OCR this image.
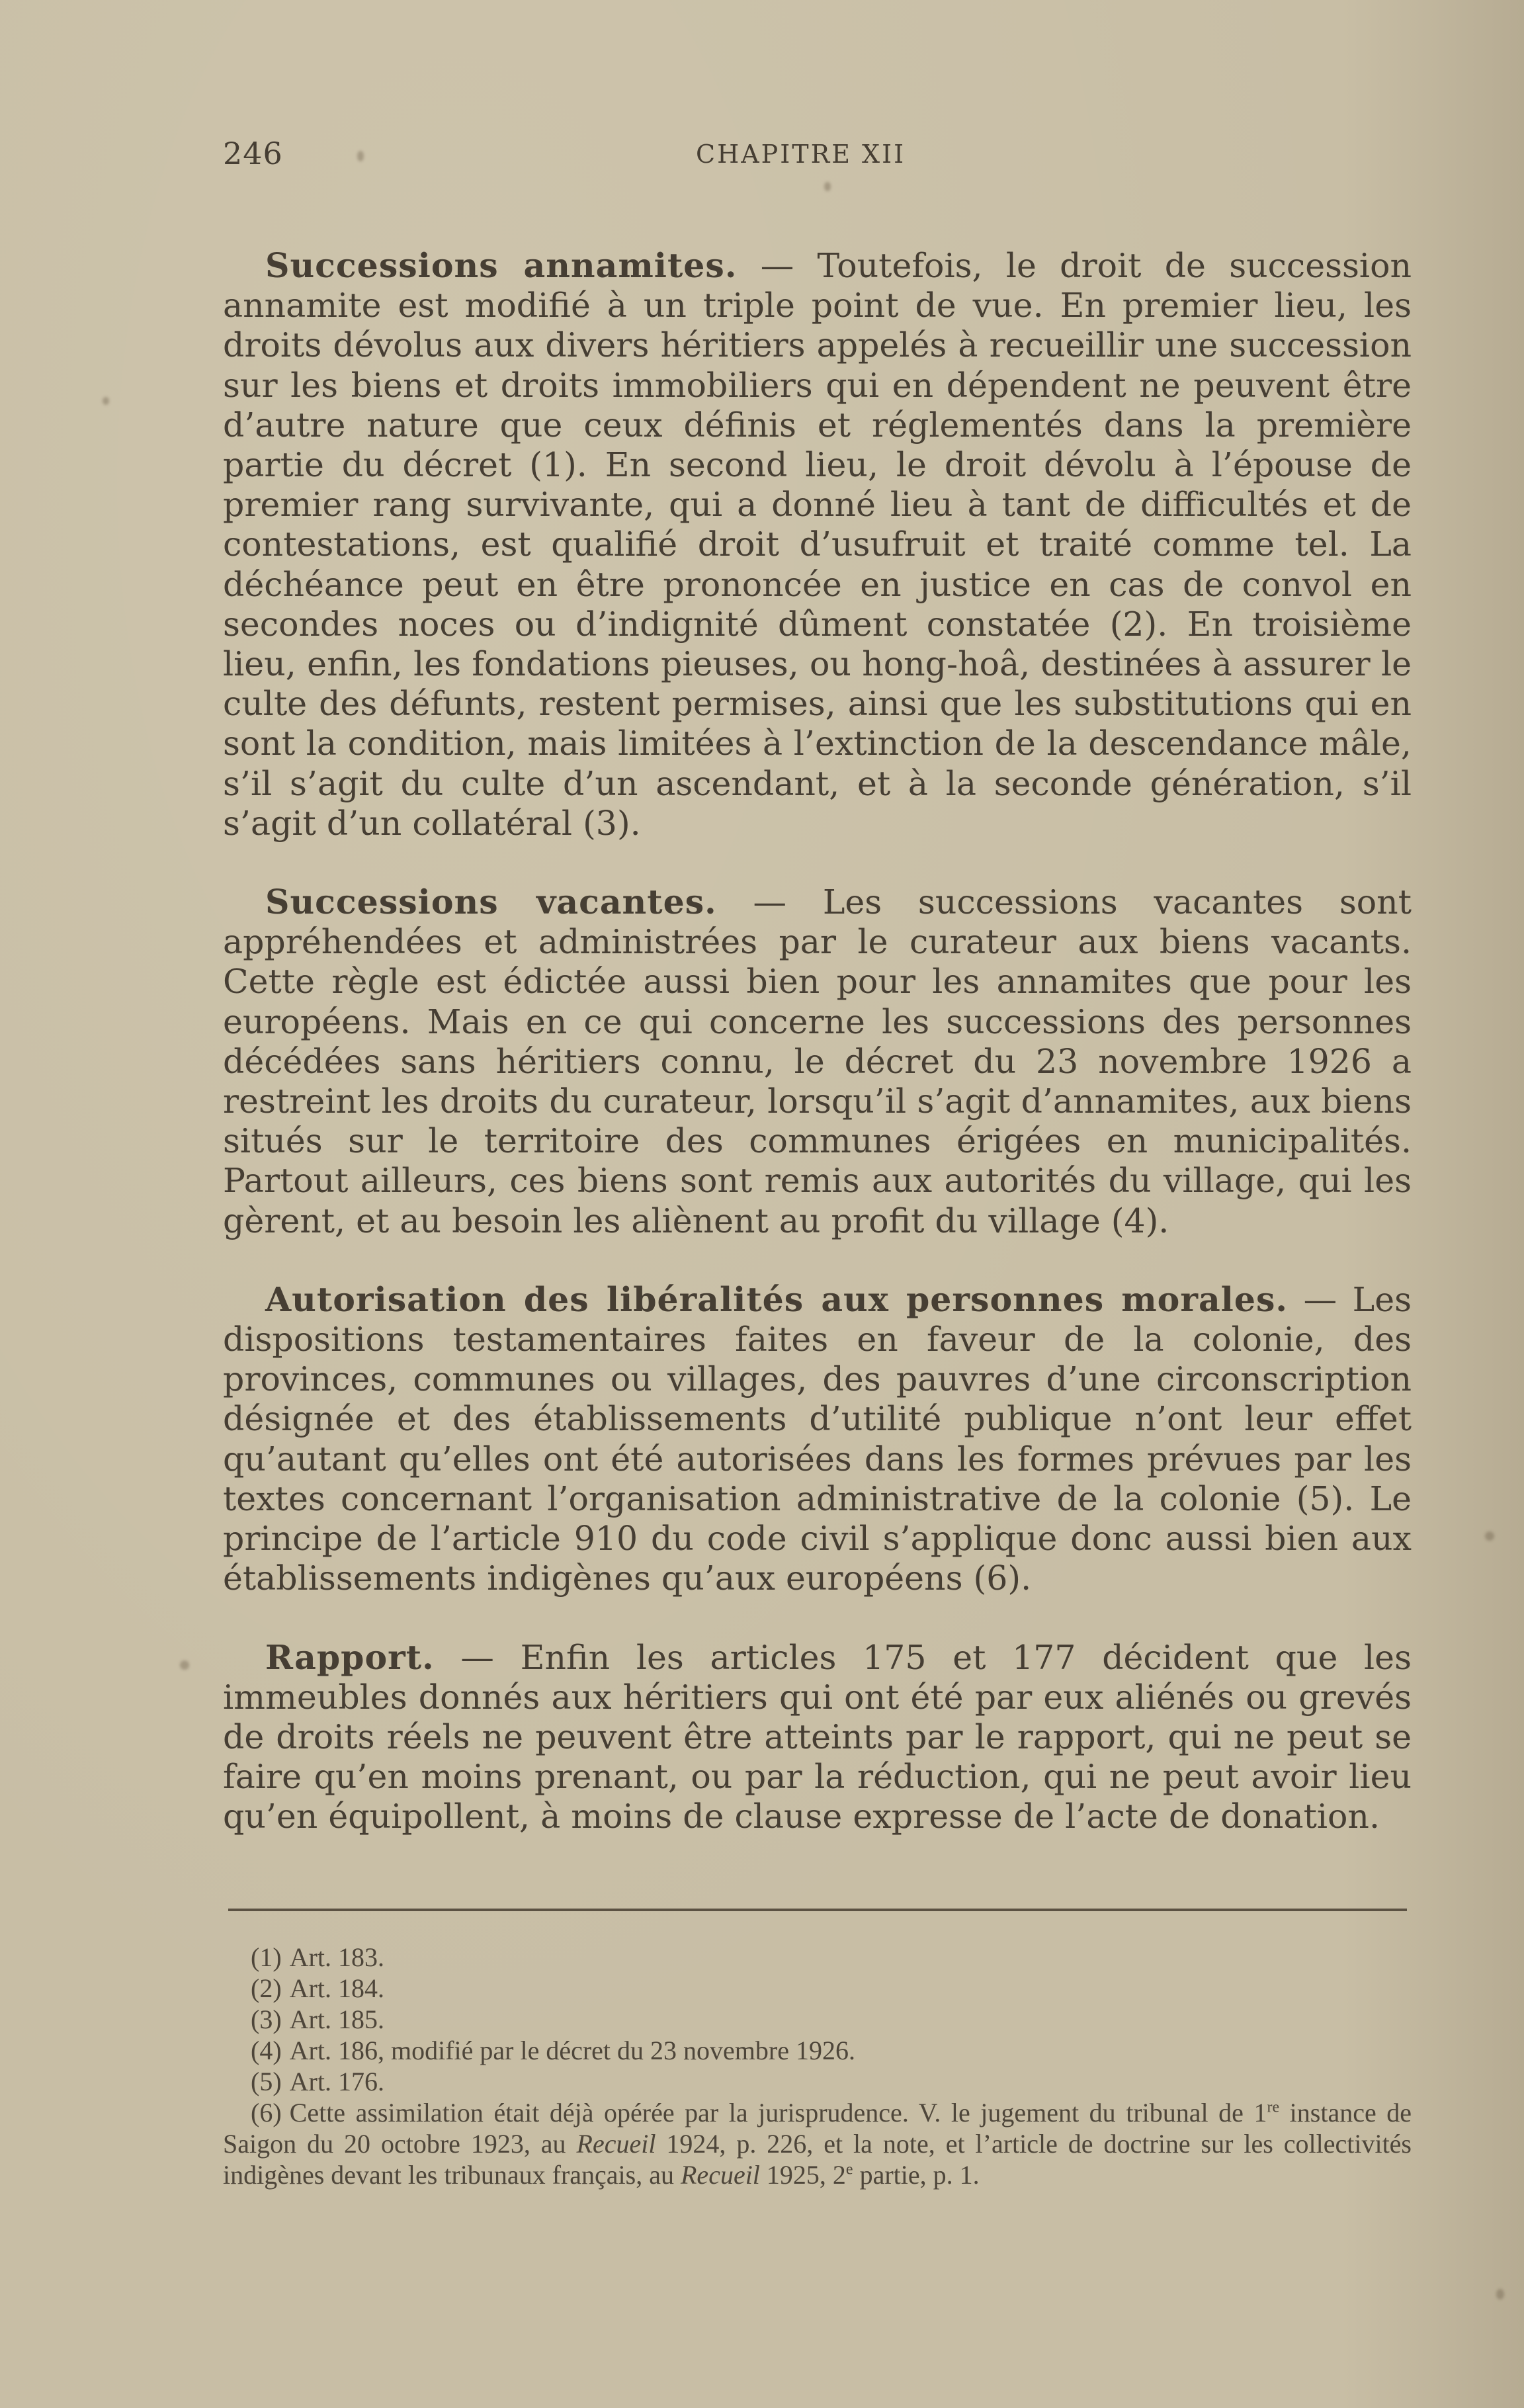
246	CHAPITRE XII

Successions annamites. — Toutefois, le droit de succession annamite est modifié à un triple point de vue. En premier lieu, les droits dévolus aux divers héritiers appelés à recueillir une succession sur les biens et droits immobiliers qui en dépendent ne peuvent être d’autre nature que ceux définis et réglementés dans la première partie du décret (1). En second lieu, le droit dévolu à l’épouse de premier rang survivante, qui a donné lieu à tant de difficultés et de contestations, est qualifié droit d’usufruit et traité comme tel. La déchéance peut en être prononcée en justice en cas de convol en secondes noces ou d’indignité dûment constatée (2). En troisième lieu, enfin, les fondations pieuses, ou hong-hoâ, destinées à assurer le culte des défunts, restent permises, ainsi que les substitutions qui en sont la condition, mais limitées à l’extinction de la descendance mâle, s’il s’agit du culte d’un ascendant, et à la seconde génération, s’il s’agit d’un collatéral (3).

Successions vacantes. — Les successions vacantes sont appréhendées et administrées par le curateur aux biens vacants. Cette règle est édictée aussi bien pour les annamites que pour les européens. Mais en ce qui concerne les successions des personnes décédées sans héritiers connu, le décret du 23 novembre 1926 a restreint les droits du curateur, lorsqu’il s’agit d’annamites, aux biens situés sur le territoire des communes érigées en municipalités. Partout ailleurs, ces biens sont remis aux autorités du village, qui les gèrent, et au besoin les aliènent au profit du village (4).

Autorisation des libéralités aux personnes morales. — Les dispositions testamentaires faites en faveur de la colonie, des provinces, communes ou villages, des pauvres d’une circonscription désignée et des établissements d’utilité publique n’ont leur effet qu’autant qu’elles ont été autorisées dans les formes prévues par les textes concernant l’organisation administrative de la colonie (5). Le principe de l’article 910 du code civil s’applique donc aussi bien aux établissements indigènes qu’aux européens (6).

Rapport. — Enfin les articles 175 et 177 décident que les immeubles donnés aux héritiers qui ont été par eux aliénés ou grevés de droits réels ne peuvent être atteints par le rapport, qui ne peut se faire qu’en moins prenant, ou par la réduction, qui ne peut avoir lieu qu’en équipollent, à moins de clause expresse de l’acte de donation.

(1) Art. 183.
(2) Art. 184.
(3) Art. 185.
(4) Art. 186, modifié par le décret du 23 novembre 1926.
(5) Art. 176.
(6) Cette assimilation était déjà opérée par la jurisprudence. V. le jugement du tribunal de 1re instance de Saigon du 20 octobre 1923, au Recueil 1924, p. 226, et la note, et l’article de doctrine sur les collectivités indigènes devant les tribunaux français, au Recueil 1925, 2e partie, p. 1.
